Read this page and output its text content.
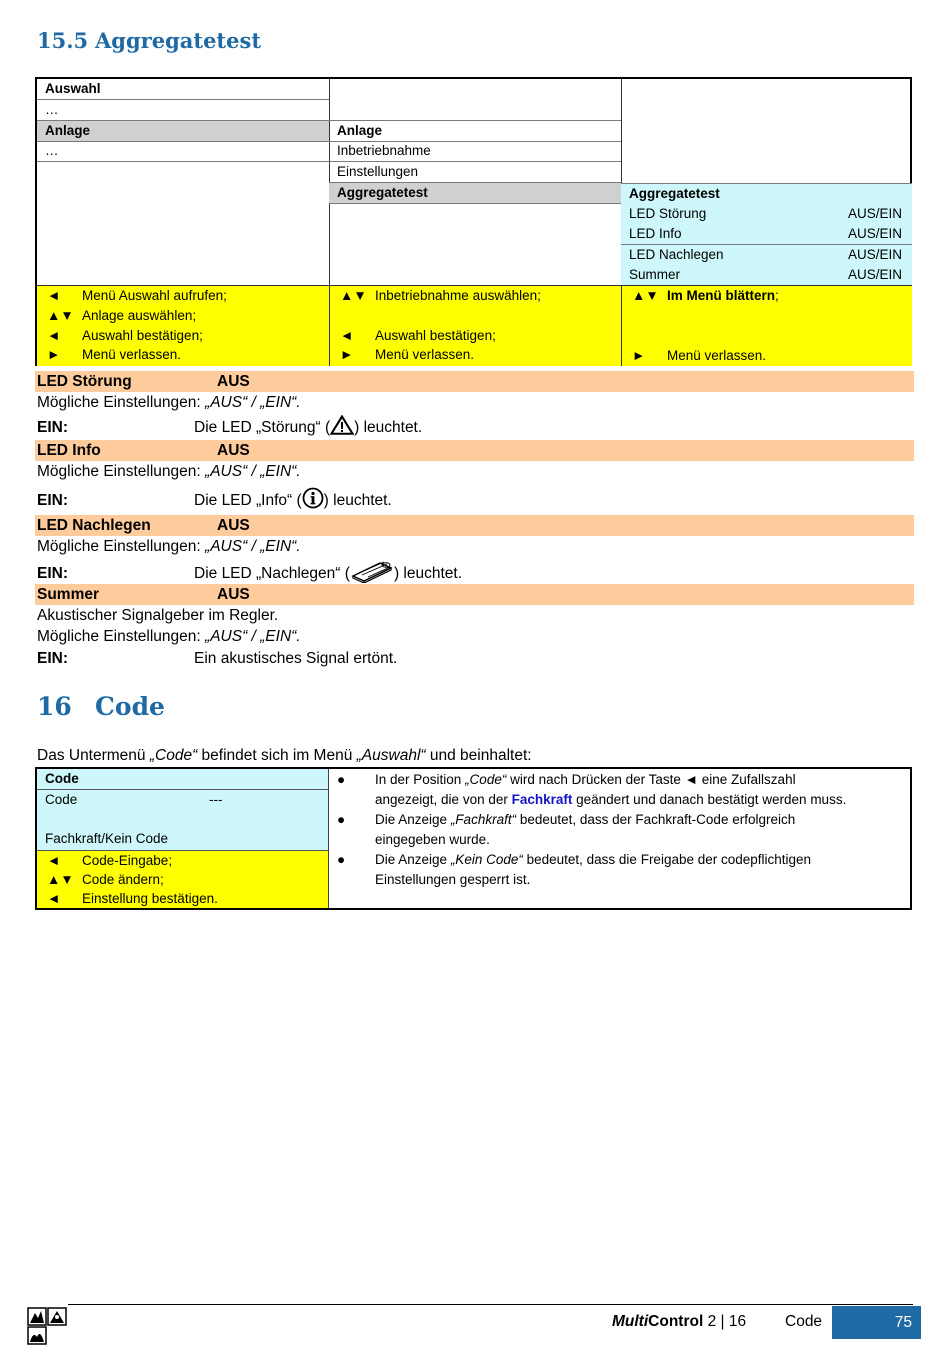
15.5 Aggregatetest
Auswahl
…
Anlage
…
Anlage
Inbetriebnahme
Einstellungen
Aggregatetest	Aggregatetest
LED Störung	AUS/EIN
LED Info	AUS/EIN
LED Nachlegen	AUS/EIN
Summer	AUS/EIN
◄ Menü Auswahl aufrufen;
▲▼ Anlage auswählen;
◄ Auswahl bestätigen;
► Menü verlassen.
▲▼ Inbetriebnahme auswählen;
◄ Auswahl bestätigen;
► Menü verlassen.
▲▼ Im Menü blättern;
► Menü verlassen.
LED Störung	AUS
Mögliche Einstellungen: „AUS“ / „EIN“.
EIN:	Die LED „Störung“ ( ) leuchtet.
LED Info	AUS
Mögliche Einstellungen: „AUS“ / „EIN“.
EIN:	Die LED „Info“ ( ) leuchtet.
LED Nachlegen	AUS
Mögliche Einstellungen: „AUS“ / „EIN“.
EIN:	Die LED „Nachlegen“ (	) leuchtet.
Summer	AUS
Akustischer Signalgeber im Regler.
Mögliche Einstellungen: „AUS“ / „EIN“.
EIN:	Ein akustisches Signal ertönt.
16 Code
Das Untermenü „Code“ befindet sich im Menü „Auswahl“ und beinhaltet:
Code
Code	---
Fachkraft/Kein Code
◄ Code-Eingabe;
▲▼ Code ändern;
◄ Einstellung bestätigen.
● In der Position „Code“ wird nach Drücken der Taste ◄ eine Zufallszahl
angezeigt, die von der Fachkraft geändert und danach bestätigt werden muss.
● Die Anzeige „Fachkraft“ bedeutet, dass der Fachkraft-Code erfolgreich
eingegeben wurde.
● Die Anzeige „Kein Code“ bedeutet, dass die Freigabe der codepflichtigen
Einstellungen gesperrt ist.
MultiControl 2 | 16	Code	75
